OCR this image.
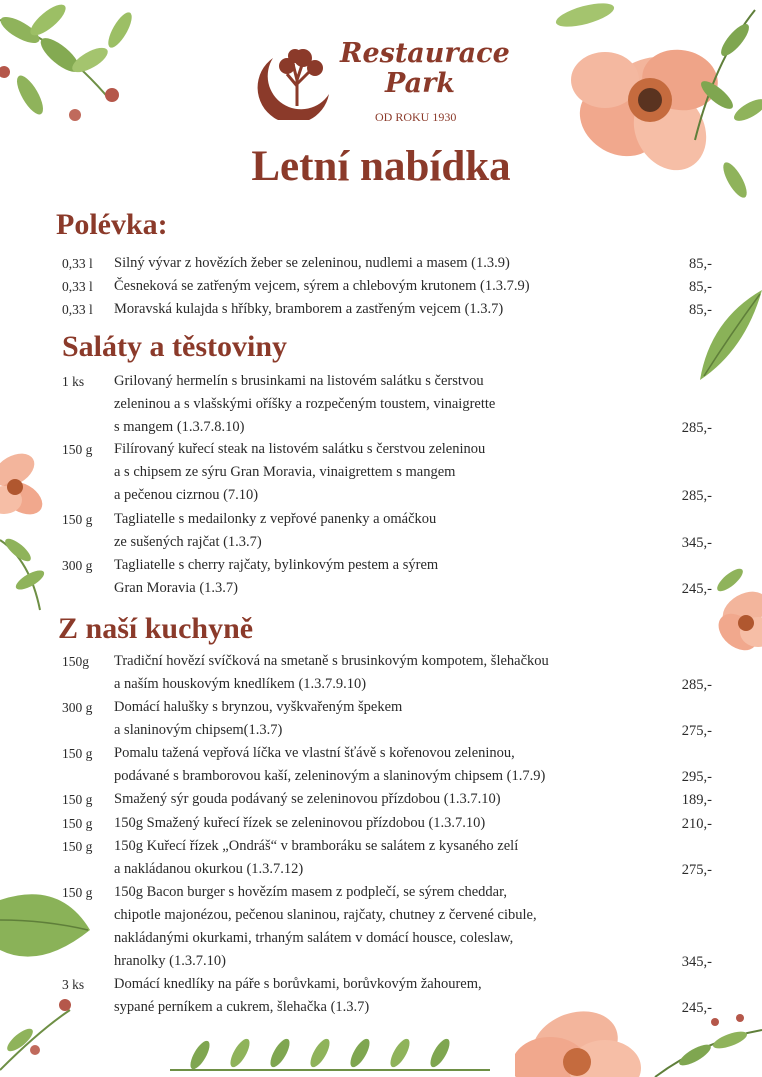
Restaurace
Park
OD ROKU 1930
Letní nabídka
Polévka:
0,33 l Silný vývar z hovězích žeber se zeleninou, nudlemi a masem (1.3.9)	85,-
0,33 l Česneková se zatřeným vejcem, sýrem a chlebovým krutonem (1.3.7.9)	85,-
0,33 l Moravská kulajda s hříbky, bramborem a zastřeným vejcem (1.3.7)	85,-
Saláty a těstoviny
1 ks Grilovaný hermelín s brusinkami na listovém salátku s čerstvou
zeleninou a s vlašskými oříšky a rozpečeným toustem, vinaigrette
s mangem (1.3.7.8.10)	285,-
150 g Filírovaný kuřecí steak na listovém salátku s čerstvou zeleninou
a s chipsem ze sýru Gran Moravia, vinaigrettem s mangem
a pečenou cizrnou (7.10)	285,-
150 g Tagliatelle s medailonky z vepřové panenky a omáčkou
ze sušených rajčat (1.3.7)	345,-
300 g Tagliatelle s cherry rajčaty, bylinkovým pestem a sýrem
Gran Moravia (1.3.7)	245,-
Z naší kuchyně
150g Tradiční hovězí svíčková na smetaně s brusinkovým kompotem, šlehačkou
a naším houskovým knedlíkem (1.3.7.9.10)	285,-
300 g Domácí halušky s brynzou, vyškvařeným špekem
a slaninovým chipsem(1.3.7)	275,-
150 g Pomalu tažená vepřová líčka ve vlastní šťávě s kořenovou zeleninou,
podávané s bramborovou kaší, zeleninovým a slaninovým chipsem (1.7.9)	295,-
150 g Smažený sýr gouda podávaný se zeleninovou přízdobou (1.3.7.10)	189,-
150 g 150g Smažený kuřecí řízek se zeleninovou přízdobou (1.3.7.10)	210,-
150 g 150g Kuřecí řízek „Ondráš“ v bramboráku se salátem z kysaného zelí
a nakládanou okurkou (1.3.7.12)	275,-
150 g 150g Bacon burger s hovězím masem z podplečí, se sýrem cheddar,
chipotle majonézou, pečenou slaninou, rajčaty, chutney z červené cibule,
nakládanými okurkami, trhaným salátem v domácí housce, coleslaw,
hranolky (1.3.7.10)	345,-
3 ks Domácí knedlíky na páře s borůvkami, borůvkovým žahourem,
sypané perníkem a cukrem, šlehačka (1.3.7)	245,-
